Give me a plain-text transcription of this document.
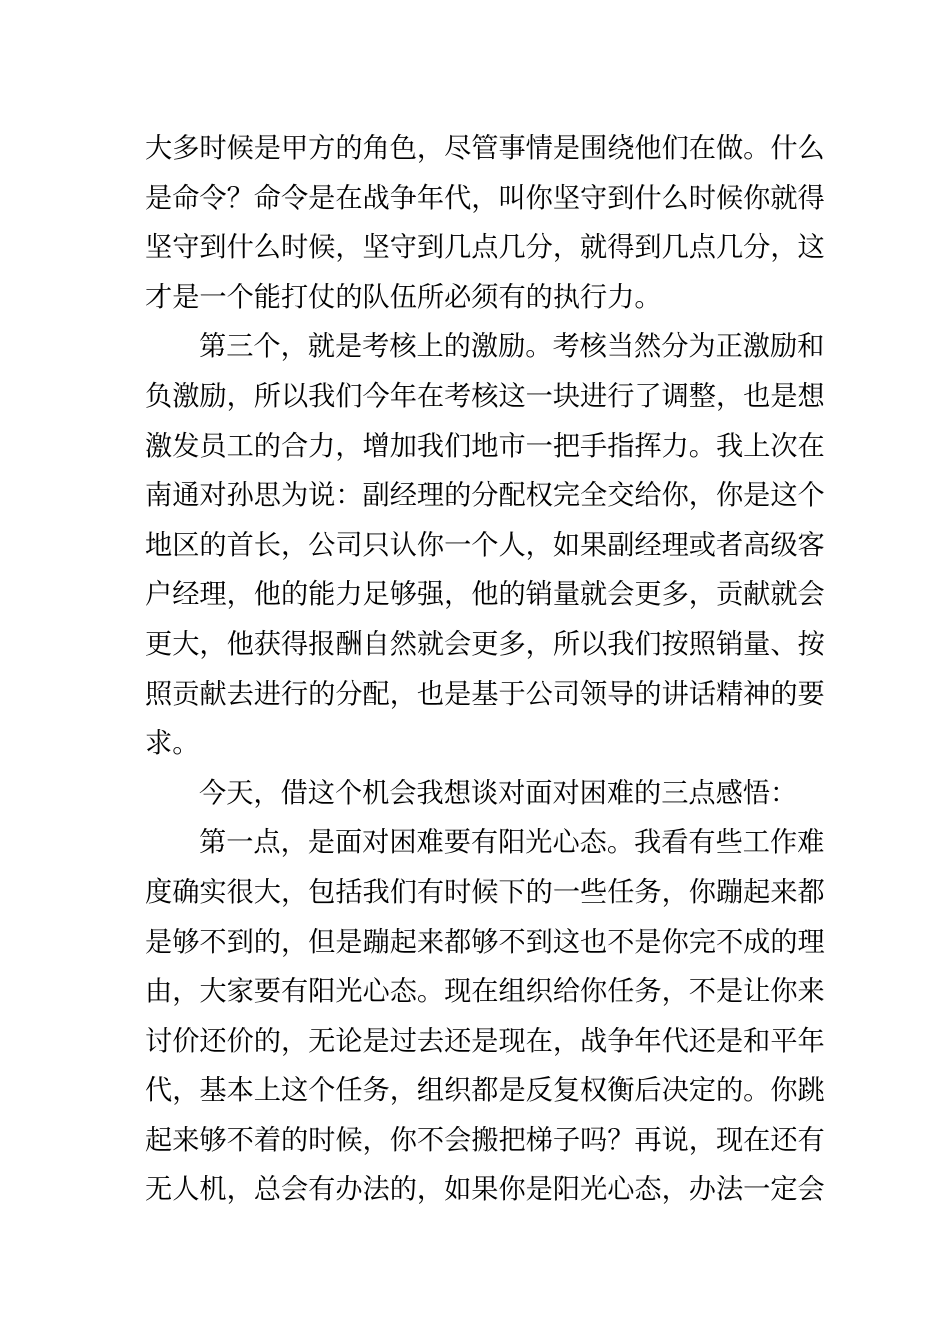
大多时候是甲方的角色，尽管事情是围绕他们在做。什么
是命令？命令是在战争年代，叫你坚守到什么时候你就得
坚守到什么时候，坚守到几点几分，就得到几点几分，这
才是一个能打仗的队伍所必须有的执行力。
第三个，就是考核上的激励。考核当然分为正激励和
负激励，所以我们今年在考核这一块进行了调整，也是想
激发员工的合力，增加我们地市一把手指挥力。我上次在
南通对孙思为说：副经理的分配权完全交给你，你是这个
地区的首长，公司只认你一个人，如果副经理或者高级客
户经理，他的能力足够强，他的销量就会更多，贡献就会
更大，他获得报酬自然就会更多，所以我们按照销量、按
照贡献去进行的分配，也是基于公司领导的讲话精神的要
求。
今天，借这个机会我想谈对面对困难的三点感悟：
第一点，是面对困难要有阳光心态。我看有些工作难
度确实很大，包括我们有时候下的一些任务，你蹦起来都
是够不到的，但是蹦起来都够不到这也不是你完不成的理
由，大家要有阳光心态。现在组织给你任务，不是让你来
讨价还价的，无论是过去还是现在，战争年代还是和平年
代，基本上这个任务，组织都是反复权衡后决定的。你跳
起来够不着的时候，你不会搬把梯子吗？再说，现在还有
无人机，总会有办法的，如果你是阳光心态，办法一定会
